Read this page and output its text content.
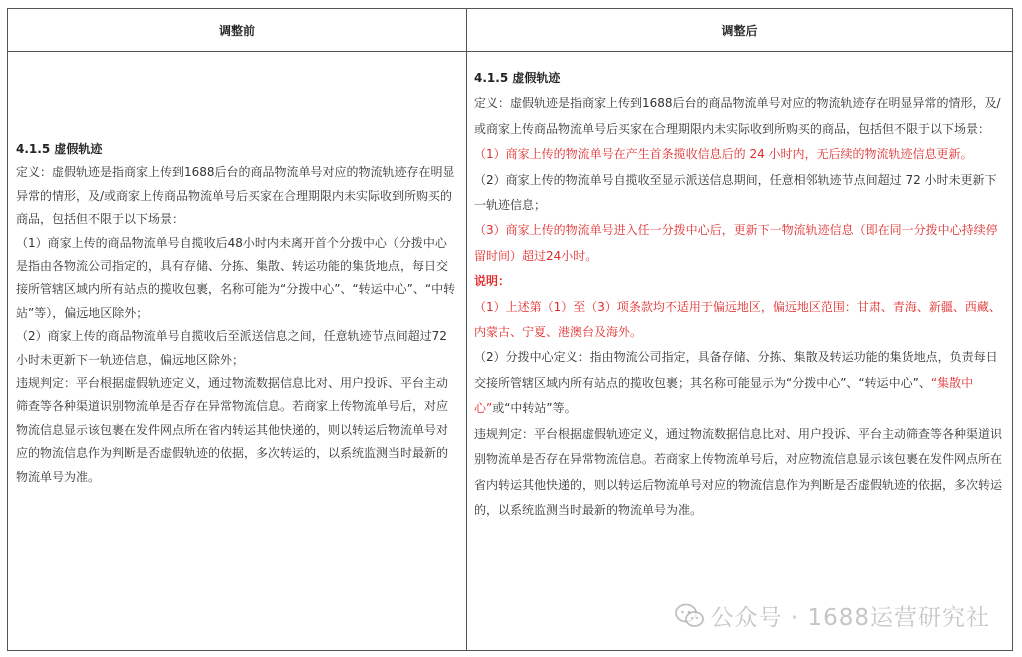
调整前	调整后

4.1.5 虚假轨迹

定义：虚假轨迹是指商家上传到1688后台的商品物流单号对应的物流轨迹存在明显异常的情形，及/或商家上传商品物流单号后买家在合理期限内未实际收到所购买的商品，包括但不限于以下场景：

（1）商家上传的商品物流单号自揽收后48小时内未离开首个分拨中心（分拨中心是指由各物流公司指定的，具有存储、分拣、集散、转运功能的集货地点，每日交接所管辖区域内所有站点的揽收包裹，名称可能为“分拨中心”、“转运中心”、“中转站”等），偏远地区除外；

（2）商家上传的商品物流单号自揽收后至派送信息之间，任意轨迹节点间超过72小时未更新下一轨迹信息，偏远地区除外；

违规判定：平台根据虚假轨迹定义，通过物流数据信息比对、用户投诉、平台主动筛查等各种渠道识别物流单是否存在异常物流信息。若商家上传物流单号后，对应物流信息显示该包裹在发件网点所在省内转运其他快递的，则以转运后物流单号对应的物流信息作为判断是否虚假轨迹的依据，多次转运的，以系统监测当时最新的物流单号为准。

4.1.5 虚假轨迹

定义：虚假轨迹是指商家上传到1688后台的商品物流单号对应的物流轨迹存在明显异常的情形，及/或商家上传商品物流单号后买家在合理期限内未实际收到所购买的商品，包括但不限于以下场景：

（1）商家上传的物流单号在产生首条揽收信息后的 24 小时内，无后续的物流轨迹信息更新。

（2）商家上传的物流单号自揽收至显示派送信息期间，任意相邻轨迹节点间超过 72 小时未更新下一轨迹信息；

（3）商家上传的物流单号进入任一分拨中心后，更新下一物流轨迹信息（即在同一分拨中心持续停留时间）超过24小时。

说明：

（1）上述第（1）至（3）项条款均不适用于偏远地区，偏远地区范围：甘肃、青海、新疆、西藏、内蒙古、宁夏、港澳台及海外。

（2）分拨中心定义：指由物流公司指定，具备存储、分拣、集散及转运功能的集货地点，负责每日交接所管辖区域内所有站点的揽收包裹；其名称可能显示为“分拨中心”、“转运中心”、“集散中心”或“中转站”等。

违规判定：平台根据虚假轨迹定义，通过物流数据信息比对、用户投诉、平台主动筛查等各种渠道识别物流单是否存在异常物流信息。若商家上传物流单号后，对应物流信息显示该包裹在发件网点所在省内转运其他快递的，则以转运后物流单号对应的物流信息作为判断是否虚假轨迹的依据，多次转运的，以系统监测当时最新的物流单号为准。

公众号 · 1688运营研究社
